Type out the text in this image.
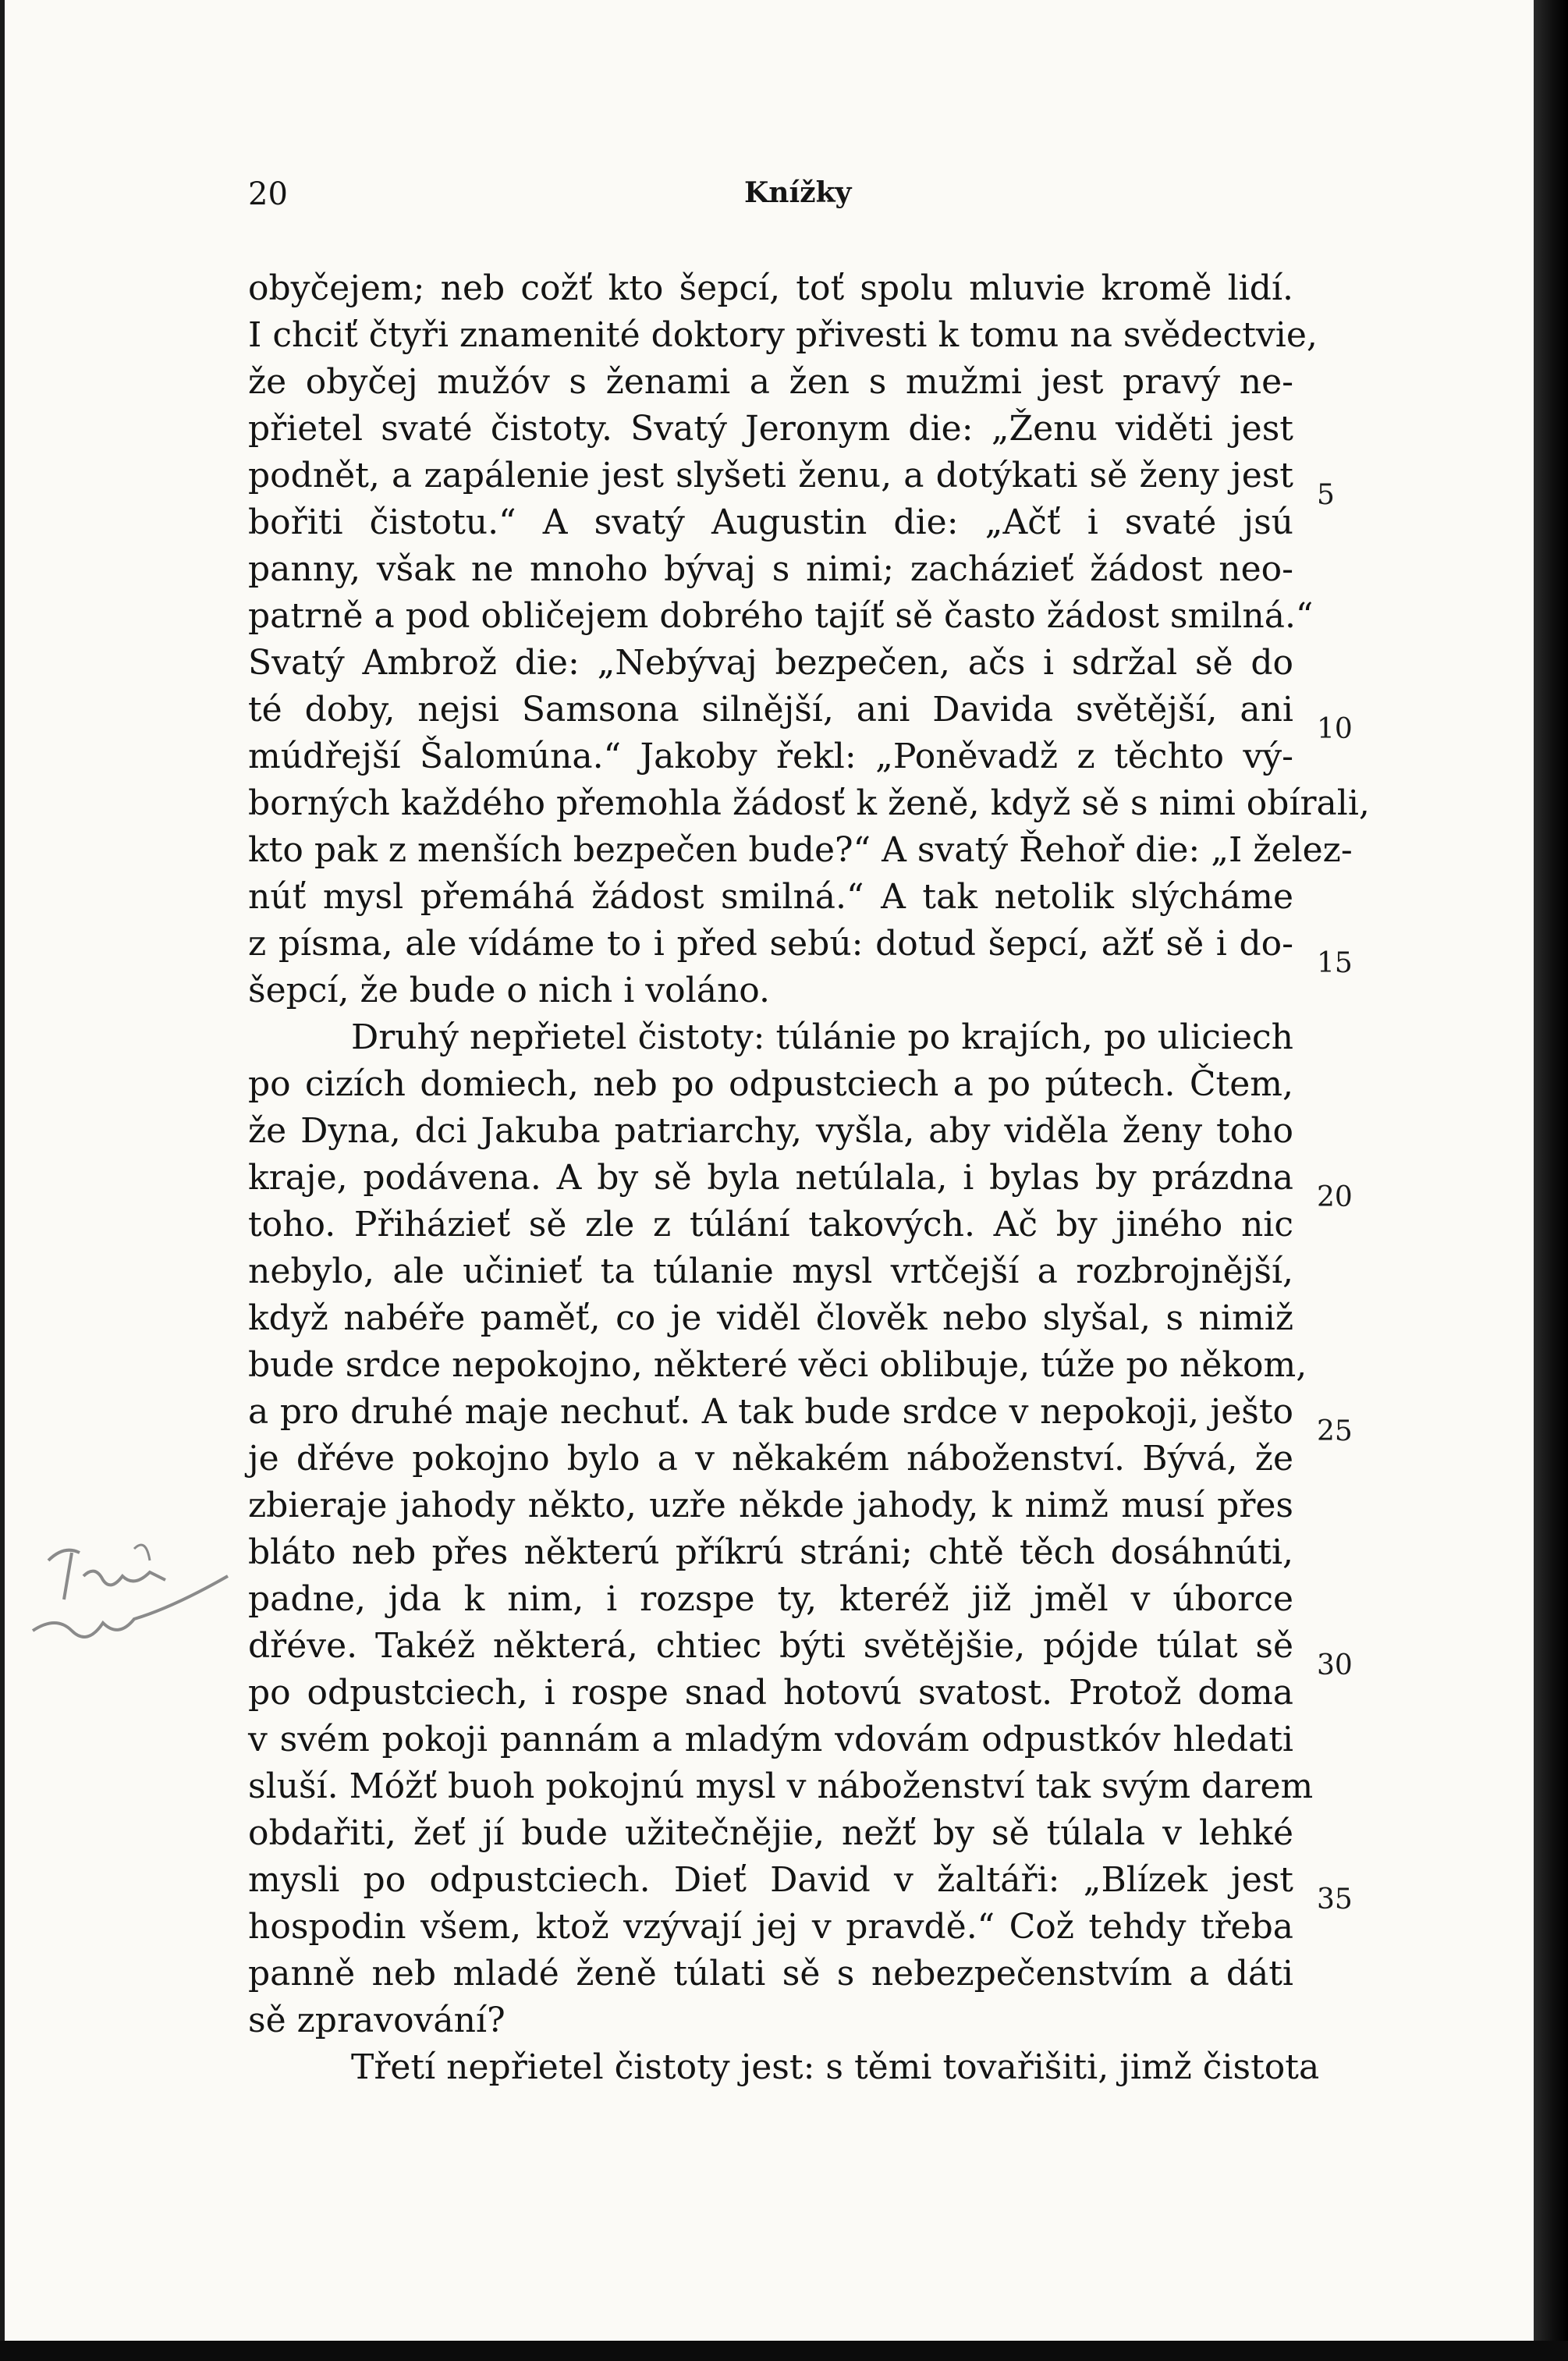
20	Knížky
obyčejem; neb cožť kto šepcí, toť spolu mluvie kromě lidí.
I chciť čtyři znamenité doktory přivesti k tomu na svědectvie,
že obyčej mužóv s ženami a žen s mužmi jest pravý ne-
přietel svaté čistoty. Svatý Jeronym die: „Ženu viděti jest
podnět, a zapálenie jest slyšeti ženu, a dotýkati sě ženy jest
bořiti čistotu.“ A svatý Augustin die: „Ačť i svaté jsú
panny, však ne mnoho bývaj s nimi; zacházieť žádost neo-
patrně a pod obličejem dobrého tajíť sě často žádost smilná.“
Svatý Ambrož die: „Nebývaj bezpečen, ačs i sdržal sě do
té doby, nejsi Samsona silnější, ani Davida světější, ani
múdřejší Šalomúna.“ Jakoby řekl: „Poněvadž z těchto vý-
borných každého přemohla žádosť k ženě, když sě s nimi obírali,
kto pak z menších bezpečen bude?“ A svatý Řehoř die: „I želez-
núť mysl přemáhá žádost smilná.“ A tak netolik slýcháme
z písma, ale vídáme to i před sebú: dotud šepcí, ažť sě i do-
šepcí, že bude o nich i voláno.
Druhý nepřietel čistoty: túlánie po krajích, po uliciech
po cizích domiech, neb po odpustciech a po pútech. Čtem,
že Dyna, dci Jakuba patriarchy, vyšla, aby viděla ženy toho
kraje, podávena. A by sě byla netúlala, i bylas by prázdna
toho. Přiházieť sě zle z túlání takových. Ač by jiného nic
nebylo, ale učinieť ta túlanie mysl vrtčejší a rozbrojnější,
když nabéře paměť, co je viděl člověk nebo slyšal, s nimiž
bude srdce nepokojno, některé věci oblibuje, túže po někom,
a pro druhé maje nechuť. A tak bude srdce v nepokoji, ješto
je dřéve pokojno bylo a v někakém náboženství. Bývá, že
zbieraje jahody někto, uzře někde jahody, k nimž musí přes
bláto neb přes některú příkrú stráni; chtě těch dosáhnúti,
padne, jda k nim, i rozspe ty, kteréž již jměl v úborce
dřéve. Takéž některá, chtiec býti světějšie, pójde túlat sě
po odpustciech, i rospe snad hotovú svatost. Protož doma
v svém pokoji pannám a mladým vdovám odpustkóv hledati
sluší. Móžť buoh pokojnú mysl v náboženství tak svým darem
obdařiti, žeť jí bude užitečnějie, nežť by sě túlala v lehké
mysli po odpustciech. Dieť David v žaltáři: „Blízek jest
hospodin všem, ktož vzývají jej v pravdě.“ Což tehdy třeba
panně neb mladé ženě túlati sě s nebezpečenstvím a dáti
sě zpravování?
Třetí nepřietel čistoty jest: s těmi tovařišiti, jimž čistota
5
10
15
20
25
30
35
